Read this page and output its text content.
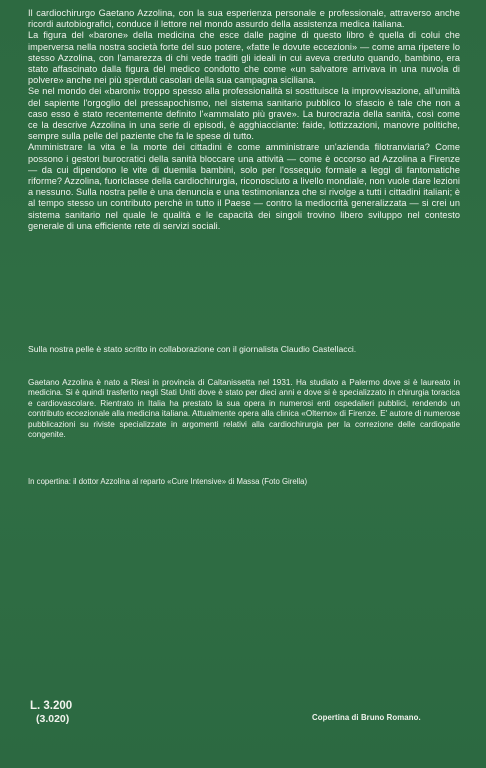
Il cardiochirurgo Gaetano Azzolina, con la sua esperienza personale e professionale, attraverso anche ricordi autobiografici, conduce il lettore nel mondo assurdo della assistenza medica italiana.

La figura del «barone» della medicina che esce dalle pagine di questo libro è quella di colui che imperversa nella nostra società forte del suo potere, «fatte le dovute eccezioni» — come ama ripetere lo stesso Azzolina, con l'amarezza di chi vede traditi gli ideali in cui aveva creduto quando, bambino, era stato affascinato dalla figura del medico condotto che come «un salvatore arrivava in una nuvola di polvere» anche nei più sperduti casolari della sua campagna siciliana.

Se nel mondo dei «baroni» troppo spesso alla professionalità si sostituisce la improvvisazione, all'umiltà del sapiente l'orgoglio del pressapochismo, nel sistema sanitario pubblico lo sfascio è tale che non a caso esso è stato recentemente definito l'«ammalato più grave». La burocrazia della sanità, così come ce la descrive Azzolina in una serie di episodi, è agghiacciante: faide, lottizzazioni, manovre politiche, sempre sulla pelle del paziente che fa le spese di tutto.

Amministrare la vita e la morte dei cittadini è come amministrare un'azienda filotranviaria? Come possono i gestori burocratici della sanità bloccare una attività — come è occorso ad Azzolina a Firenze — da cui dipendono le vite di duemila bambini, solo per l'ossequio formale a leggi di fantomatiche riforme? Azzolina, fuoriclasse della cardiochirurgia, riconosciuto a livello mondiale, non vuole dare lezioni a nessuno. Sulla nostra pelle è una denuncia e una testimonianza che si rivolge a tutti i cittadini italiani; è al tempo stesso un contributo perchè in tutto il Paese — contro la mediocrità generalizzata — si crei un sistema sanitario nel quale le qualità e le capacità dei singoli trovino libero sviluppo nel contesto generale di una efficiente rete di servizi sociali.

Sulla nostra pelle è stato scritto in collaborazione con il giornalista Claudio Castellacci.

Gaetano Azzolina è nato a Riesi in provincia di Caltanissetta nel 1931. Ha studiato a Palermo dove si è laureato in medicina. Si è quindi trasferito negli Stati Uniti dove è stato per dieci anni e dove si è specializzato in chirurgia toracica e cardiovascolare. Rientrato in Italia ha prestato la sua opera in numerosi enti ospedalieri pubblici, rendendo un contributo eccezionale alla medicina italiana. Attualmente opera alla clinica «Olterno» di Firenze. E' autore di numerose pubblicazioni su riviste specializzate in argomenti relativi alla cardiochirurgia per la correzione delle cardiopatie congenite.

In copertina: il dottor Azzolina al reparto «Cure Intensive» di Massa (Foto Girella)

L. 3.200
(3.020)	Copertina di Bruno Romano.
